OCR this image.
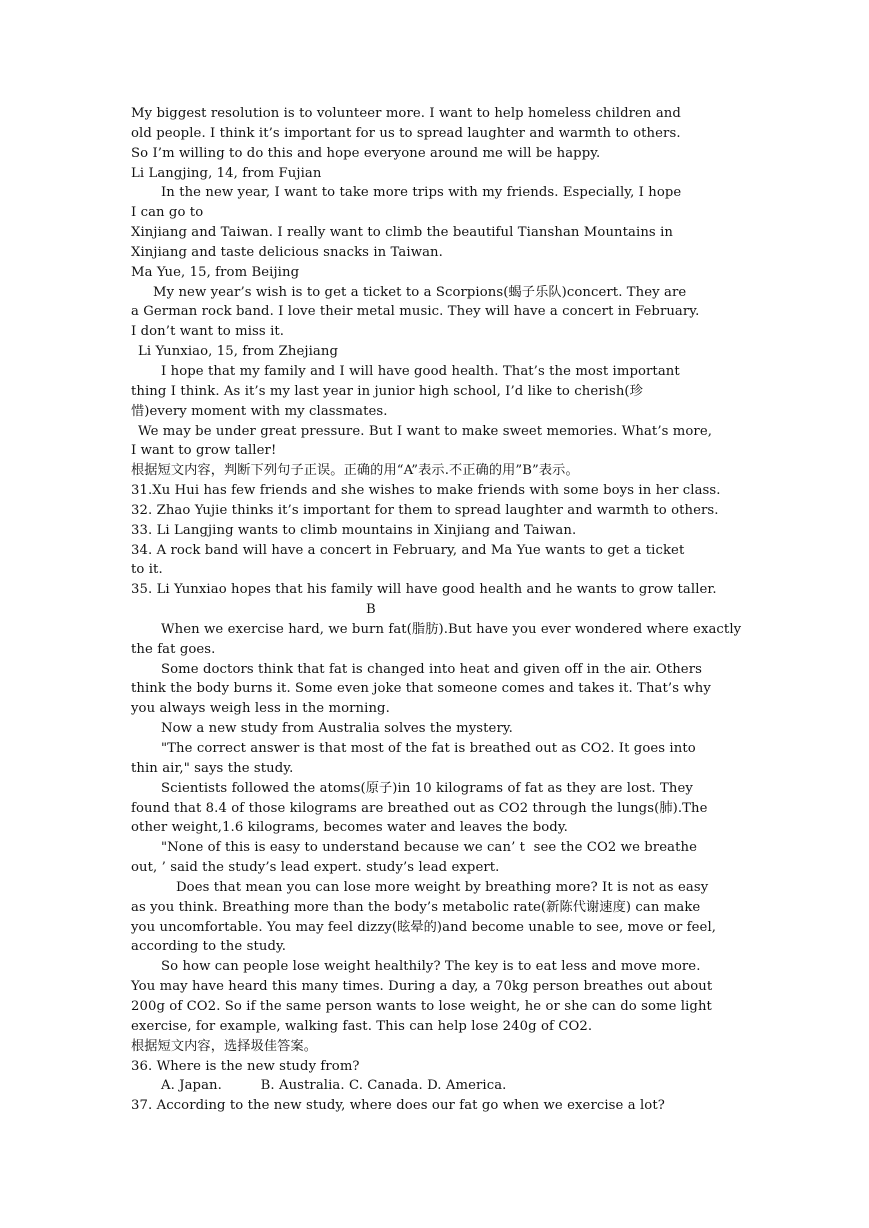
My biggest resolution is to volunteer more. I want to help homeless children and
old people. I think it’s important for us to spread laughter and warmth to others.
So I’m willing to do this and hope everyone around me will be happy.
Li Langjing, 14, from Fujian
In the new year, I want to take more trips with my friends. Especially, I hope
I can go to
Xinjiang and Taiwan. I really want to climb the beautiful Tianshan Mountains in
Xinjiang and taste delicious snacks in Taiwan.
Ma Yue, 15, from Beijing
My new year’s wish is to get a ticket to a Scorpions(蝎子乐队)concert. They are
a German rock band. I love their metal music. They will have a concert in February.
I don’t want to miss it.
Li Yunxiao, 15, from Zhejiang
I hope that my family and I will have good health. That’s the most important
thing I think. As it’s my last year in junior high school, I’d like to cherish(珍
惜)every moment with my classmates.
We may be under great pressure. But I want to make sweet memories. What’s more,
I want to grow taller!
根据短文内容，判断下列句子正误。正确的用“A”表示.不正确的用”B”表示。
31.Xu Hui has few friends and she wishes to make friends with some boys in her class.
32. Zhao Yujie thinks it’s important for them to spread laughter and warmth to others.
33. Li Langjing wants to climb mountains in Xinjiang and Taiwan.
34. A rock band will have a concert in February, and Ma Yue wants to get a ticket
to it.
35. Li Yunxiao hopes that his family will have good health and he wants to grow taller.
B
When we exercise hard, we burn fat(脂肪).But have you ever wondered where exactly
the fat goes.
Some doctors think that fat is changed into heat and given off in the air. Others
think the body burns it. Some even joke that someone comes and takes it. That’s why
you always weigh less in the morning.
Now a new study from Australia solves the mystery.
"The correct answer is that most of the fat is breathed out as CO2. It goes into
thin air," says the study.
Scientists followed the atoms(原子)in 10 kilograms of fat as they are lost. They
found that 8.4 of those kilograms are breathed out as CO2 through the lungs(肺).The
other weight,1.6 kilograms, becomes water and leaves the body.
"None of this is easy to understand because we can’ t  see the CO2 we breathe
out, ’ said the study’s lead expert. study’s lead expert.
Does that mean you can lose more weight by breathing more? It is not as easy
as you think. Breathing more than the body’s metabolic rate(新陈代谢速度) can make
you uncomfortable. You may feel dizzy(眩晕的)and become unable to see, move or feel,
according to the study.
So how can people lose weight healthily? The key is to eat less and move more.
You may have heard this many times. During a day, a 70kg person breathes out about
200g of CO2. So if the same person wants to lose weight, he or she can do some light
exercise, for example, walking fast. This can help lose 240g of CO2.
根据短文内容，选择圾佳答案。
36. Where is the new study from?
A. Japan.         B. Australia. C. Canada. D. America.
37. According to the new study, where does our fat go when we exercise a lot?
